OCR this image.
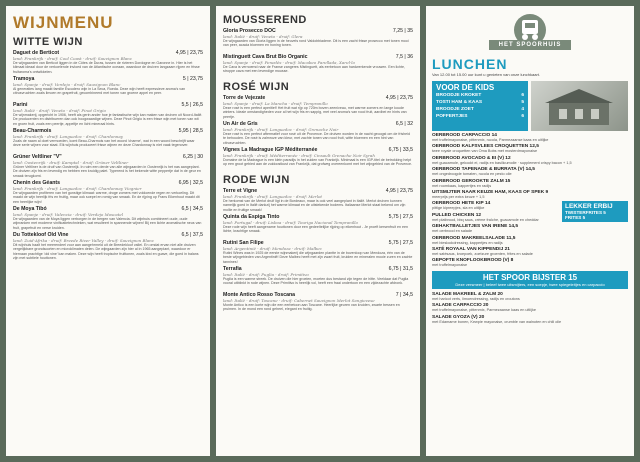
WIJNMENU
WITTE WIJN
Daguet de Berticot	4,95 | 23,75
land: Frankrijk - druif: Cool Coast - druif: Sauvignon Blanc
De wijngaarden van Berticot liggen in de Côtes de Duras, tussen de rivieren Dordogne en Garonne in. Hier is het klimaat ideaal door de verkoelende invloed van de Atlantische oceaan, waardoor de druiven langzaam rijpen en frisse fruitaroma's ontwikkelen.
Tramoya	5 | 23,75
land: Spanje - druif: Verdejo - druif: Sauvignon Blanc
Al generaties lang maakt familie Escudero wijn in La Seca, Rueda. Deze wijn heeft expressieve aroma's van citrusvruchten zoals limoen en grapefruit, gecombineerd met tonen van groene appel en peer.
Parini	5,5 | 26,5
land: Italië - druif: Veneto - druif: Pinot Grigio
De wijnmakerij, opgericht in 1906, heeft als gerin ander hoe je fantastische wijn kan maken van druiven uit Noord-Italië. De producenten en distribueren dan ook hoogwaardige wijnen. Deze Pinot Grigio is een frisse wijn met tonen van wit en groen fruit, zoals een peertje, appeltje en licht mineraal hints.
Beau-Charmois	5,95 | 28,5
land: Frankrijk - druif: Languedoc - druif: Chardonnay
Zoals de naam al doet vermoeden, komt Beau-Charmois van het woord 'charme', wat in een woord beschrijft waar deze serie wijnen voor staat. Elk wijnhuis produceert frisse wijnen en deze Chardonnay is niet vaak tegenover.
Grüner Veltliner "V"	6,25 | 30
land: Oostenrijk - druif: Kamptal - druif: Grüner Veltliner
Grüner Veltliner is de druif van Oostenrijk. In ruim een derde van alle wijngaarden in Oostenrijk is het nas aangeplant. De druiven zijn fris en levendig en hebben een kruidig palet. Typerend is het bekende witte peppertje dat in de geur en smaak terugkomt.
Chenin des Géants	6,95 | 32,5
land: Frankrijk - druif: Languedoc - druif: Chardonnay Viognier
De wijngaarden profiteren van het gunstige klimaat: warme, droge zomers met voldoende regen en verkoeling. Dit maakt de wijn heerlijk fris en fruitig, maar ook soepel en romig van smaak. En de rijping op Frans Eikenhout maakt dit een heerlijke wijn!
De Moya Tibó	6,5 | 34,5
land: Spanje - druif: Valencia - druif: Verdejo Moscatel
De wijngaarden van de Moya liggen verborgen in de bergen van Valencia. Dit wijnhuis combineert oude, oude wijnranken met moderne vinificatietechnieken, wat resulteert in spannende wijnen! Bij een lichte aromatische neus van fruit, grapefruit en verse kruiden.
Du Tottekloof Old Vine	6,5 | 37,5
land: Zuid-Afrika - druif: Breede River Valley - druif: Sauvignon Blanc
Dit wijnhuis haalt het meerendeel voor aan aangehrmeld uit de Breedekloof vallei. En omdat ervan niet alle druiven vergelijkbare grondsoorten en microklimaten delen. De wijngaarden zijn hier al in 1965 aangeplant, waardoor er hiernaan prachtige 'old vine' kan maken. Deze wijn heeft tropische fruittonen, zoals kiwi en guave, die goed in balans zijn met subtiele houttonen.
MOUSSEREND
Gloria Prosecco DOC	7,25 | 35
land: Italië - druif: Veneto - druif: Glera
De wijngaarden van Gloria liggen in de heuvels rond Valdobbiadene. Dit is een zacht frisse prosecco met tonen mooi van peer, acacia bloemen en honing tonen.
Mistinguett Cava Brut Bio Organic	7,5 | 36
land: Spanje - druif: Penedès - druif: Macabeo Parellada, Xarel-lo
De Cava is vernoemd naar de Franse zangeres Mistinguett, als eerbetoon aan hardwerkende vrouwen. Een lichte, stroppe cava met een levendige mousse.
ROSÉ WIJN
Torre de Vejezate	4,95 | 23,75
land: Spanje - druif: La Mancha - druif: Tempranillo
Deze rosé is een perfect aperitief! Het fruit wat rijp op 720m boven zeeniveau, met warme zomers en lange koude winters. Ideale omstandigheden voor al het wijn fris en sappig, met veel aroma's van rood fruit, aardbei en hints van peertje.
Un Air de Gris	6,5 | 32
land: Frankrijk - druif: Languedoc - druif: Grenache Noir
Deze rosé is een perfect aftermatief voor rosé uit de Provence. De druiven worden in de nacht geoogst om de frisheid te behouden. De rosé is zalmroze van kleur, met zachte tonen van rood fruit, witte bloemen en een hint van citrusvruchten.
Vignes La Madrague IGP Méditerranée	6,75 | 33,5
land: Frankrijk - druif: Méditerranée - druif: Cinsault Grenache Noir Syrah
Domaine de la Madrague is een klein paradijs in het zuiden van Frankrijk. Minimaal is een IGP-titel de betrokking helpt op een groot gebied aan de zuidoostkust van Frankrijk, dat grofweg overeenkomt met het wijngebied van de Provence.
RODE WIJN
Terre et Vigne	4,95 | 23,75
land: Frankrijk - druif: Languedoc - druif: Merlot
De herkomst van de Merlot druif ligt in de Bordeaux, maar is ook veel aangeplant in Italië. Merlot druiven kunnen namelijk goed in Italië dankzij het warme klimaat en de uitstekende bodems. Italiaanse Merlot staat bekend om zijn mollie en fruitige smaak!
Quinta da Espiga Tinto	5,75 | 27,5
land: Portugal - druif: Lisboa - druif: Touriga Nacional Tempranillo
Deze rode wijn heeft aangename houttonen door een gedeeltelijke rijping op eikenhout - Je proeft kersenfruit en een lichte, krachtige smaak.
Rutini San Filipe	5,75 | 27,5
land: Argentinië - druif: Mendoza - druif: Malbec
Rutini Wines was in 1925 de eerste wijnmakerij die wijngaarden plantte in de bovenloop van Mendoza, één van de beste wijngebieden van Argentinië! Deze Malbec heeft met zijn zwart fruit, kruiden en mineralen mooie zuren en zachte tannines!
Terrafia	6,75 | 31,5
land: Italië - druif: Puglia - druif: Primitivo
Puglia is een warme streek. De druiven die hier groeien, moeten dus bestand zijn tegen de hitte. Veeldaar dat Puglia vooral uitblinkt in rode wijnen. Deze Primitivo is heerlijk vol, heeft een fraai ondertoon en een zijdezachte afdronk.
Monte Antico Rosso Toscana	7 | 34,5
land: Italië - druif: Toscane - druif: Cabernet Sauvignon Merlot Sangiovese
Monte Antico is een korte wijn die een eerbetoon aan Toscane. Heerlijke geuren van kruiden, zwarte bessen en pruimen. In de mond een rond geheel, elegant en fruitig.
HET SPOORHUIS
LUNCHEN
Van 12.00 tot 15.00 uur kunt u genieten van onze lunchkaart.
VOOR DE KIDS
BROODJE KROKET	6
TOSTI HAM & KAAS	5
BROODJE ZOET	4
POFFERTJES	6
OERBROOD CARPACCIO 14
met truffelmayonaise, pittenmix, rucola, Parmezaanse kaas en uitlijke
OERBROOD KALFSVLEES CROQUETTEN 12,5
twee royale croquetten van Oma Bobs met mosterdmayonaise
OERBROOD AVOCADO & EI (V) 12
met guacamole, gekookt ei, radijs en basilicumolie · supplement crispy bacon + 1,5
OERBROOD TAPENADE & BURRATA (V) 14,5
met ongedroogde tomaten, rucola en pesto olie
OERBROOD GEROOKTE ZALM 15
met roomkaas, kappertjes en radijs
UITSMIJTER NAAR KEUZE HAM, KAAS OF SPEK 9
meerprijs per extra keuze + 1,5
LEKKER ERBIJ
TWISTERFRITES 5
FRITES 5
OERBROOD HETE KIP 14
pittige kipreepjes, sla en uitlijke
PULLED CHICKEN 12
met platbrood, bbq saus, crème fraîche, guacamole en cheddar
GEHAKTBALLETJES VAN IRENE 14,5
met oerbrood en salade
OERBROOD MAKREELSALADE 11,5
met bieslookdressing, kappertjes en radijs
SATÉ ROYAAL VAN KIPPENDIJ 21
met satésaus, kroepoek, zoetzure groenten, frites en salade
GEPOFTE KNOFLOOKBROOD (V) 8
met truffelmayonaise
HET SPOOR BIJSTER 15
Deze versmeer | beleef twee uitsmijters, een soepje, twee spiegeleitjes en carpaccio
SALADE MAKREEL & ZALM 20
met haricot verts, limoendressing, radijs en croutons
SALADE CARPACCIO 20
met truffelmayonaise, pittenmix, Parmezaanse kaas en uitlijke
SALADE GYOZA (V) 20
met Edamame bonen, Kewpie mayonaise, crumble van walnoten en chili olie
